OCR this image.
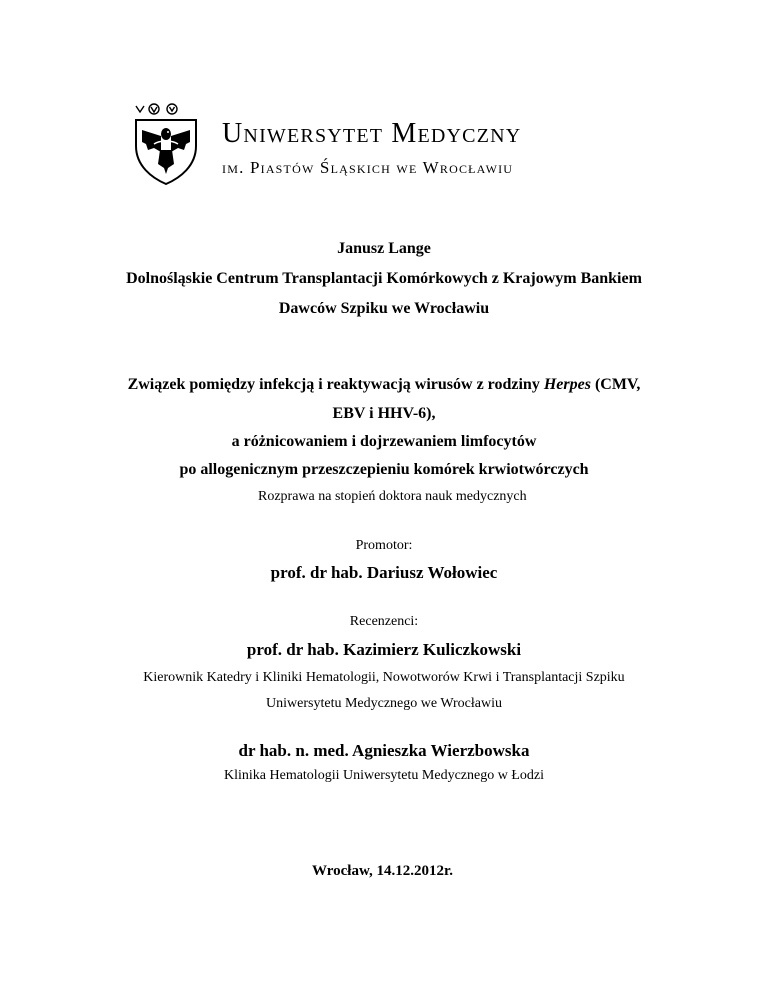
Uniwersytet Medyczny
im. Piastów Śląskich we Wrocławiu
Janusz Lange
Dolnośląskie Centrum Transplantacji Komórkowych z Krajowym Bankiem
Dawców Szpiku we Wrocławiu
Związek pomiędzy infekcją i reaktywacją wirusów z rodziny Herpes (CMV,
EBV i HHV-6),
a różnicowaniem i dojrzewaniem limfocytów
po allogenicznym przeszczepieniu komórek krwiotwórczych
Rozprawa na stopień doktora nauk medycznych
Promotor:
prof. dr hab. Dariusz Wołowiec
Recenzenci:
prof. dr hab. Kazimierz Kuliczkowski
Kierownik Katedry i Kliniki Hematologii, Nowotworów Krwi i Transplantacji Szpiku
Uniwersytetu Medycznego we Wrocławiu
dr hab. n. med. Agnieszka Wierzbowska
Klinika Hematologii Uniwersytetu Medycznego w Łodzi
Wrocław, 14.12.2012r.
